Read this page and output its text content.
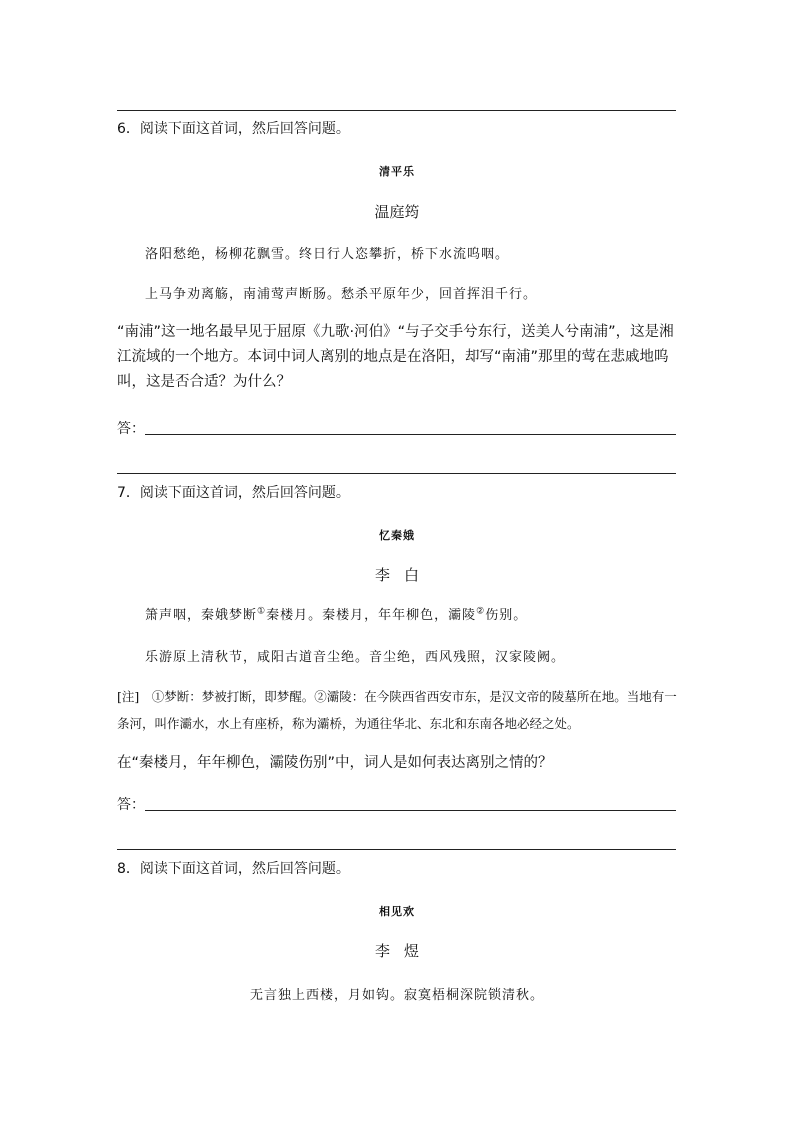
6．阅读下面这首词，然后回答问题。
清平乐
温庭筠
洛阳愁绝，杨柳花飘雪。终日行人恣攀折，桥下水流呜咽。
上马争劝离觞，南浦莺声断肠。愁杀平原年少，回首挥泪千行。
“南浦”这一地名最早见于屈原《九歌·河伯》“与子交手兮东行，送美人兮南浦”，这是湘江流域的一个地方。本词中词人离别的地点是在洛阳，却写“南浦”那里的莺在悲戚地呜叫，这是否合适？为什么？
答：
7．阅读下面这首词，然后回答问题。
忆秦娥
李白
箫声咽，秦娥梦断①秦楼月。秦楼月，年年柳色，灞陵②伤别。
乐游原上清秋节，咸阳古道音尘绝。音尘绝，西风残照，汉家陵阙。
[注]　①梦断：梦被打断，即梦醒。②灞陵：在今陕西省西安市东，是汉文帝的陵墓所在地。当地有一条河，叫作灞水，水上有座桥，称为灞桥，为通往华北、东北和东南各地必经之处。
在“秦楼月，年年柳色，灞陵伤别”中，词人是如何表达离别之情的？
答：
8．阅读下面这首词，然后回答问题。
相见欢
李煜
无言独上西楼，月如钩。寂寞梧桐深院锁清秋。
